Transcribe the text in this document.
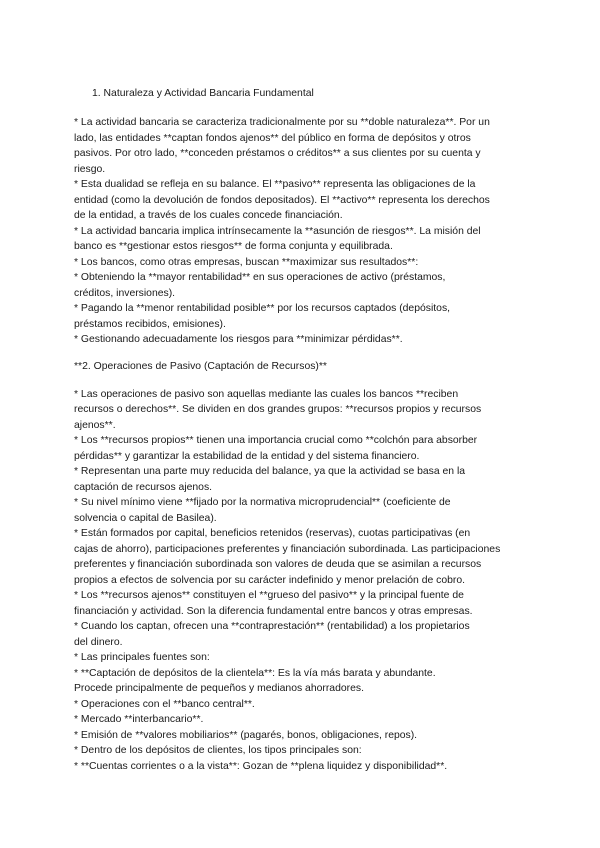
1. Naturaleza y Actividad Bancaria Fundamental
* La actividad bancaria se caracteriza tradicionalmente por su **doble naturaleza**. Por un
lado, las entidades **captan fondos ajenos** del público en forma de depósitos y otros
pasivos. Por otro lado, **conceden préstamos o créditos** a sus clientes por su cuenta y
riesgo.
* Esta dualidad se refleja en su balance. El **pasivo** representa las obligaciones de la
entidad (como la devolución de fondos depositados). El **activo** representa los derechos
de la entidad, a través de los cuales concede financiación.
* La actividad bancaria implica intrínsecamente la **asunción de riesgos**. La misión del
banco es **gestionar estos riesgos** de forma conjunta y equilibrada.
* Los bancos, como otras empresas, buscan **maximizar sus resultados**:
* Obteniendo la **mayor rentabilidad** en sus operaciones de activo (préstamos,
créditos, inversiones).
* Pagando la **menor rentabilidad posible** por los recursos captados (depósitos,
préstamos recibidos, emisiones).
* Gestionando adecuadamente los riesgos para **minimizar pérdidas**.
**2. Operaciones de Pasivo (Captación de Recursos)**
* Las operaciones de pasivo son aquellas mediante las cuales los bancos **reciben
recursos o derechos**. Se dividen en dos grandes grupos: **recursos propios y recursos
ajenos**.
* Los **recursos propios** tienen una importancia crucial como **colchón para absorber
pérdidas** y garantizar la estabilidad de la entidad y del sistema financiero.
* Representan una parte muy reducida del balance, ya que la actividad se basa en la
captación de recursos ajenos.
* Su nivel mínimo viene **fijado por la normativa microprudencial** (coeficiente de
solvencia o capital de Basilea).
* Están formados por capital, beneficios retenidos (reservas), cuotas participativas (en
cajas de ahorro), participaciones preferentes y financiación subordinada. Las participaciones
preferentes y financiación subordinada son valores de deuda que se asimilan a recursos
propios a efectos de solvencia por su carácter indefinido y menor prelación de cobro.
* Los **recursos ajenos** constituyen el **grueso del pasivo** y la principal fuente de
financiación y actividad. Son la diferencia fundamental entre bancos y otras empresas.
* Cuando los captan, ofrecen una **contraprestación** (rentabilidad) a los propietarios
del dinero.
* Las principales fuentes son:
* **Captación de depósitos de la clientela**: Es la vía más barata y abundante.
Procede principalmente de pequeños y medianos ahorradores.
* Operaciones con el **banco central**.
* Mercado **interbancario**.
* Emisión de **valores mobiliarios** (pagarés, bonos, obligaciones, repos).
* Dentro de los depósitos de clientes, los tipos principales son:
* **Cuentas corrientes o a la vista**: Gozan de **plena liquidez y disponibilidad**.
